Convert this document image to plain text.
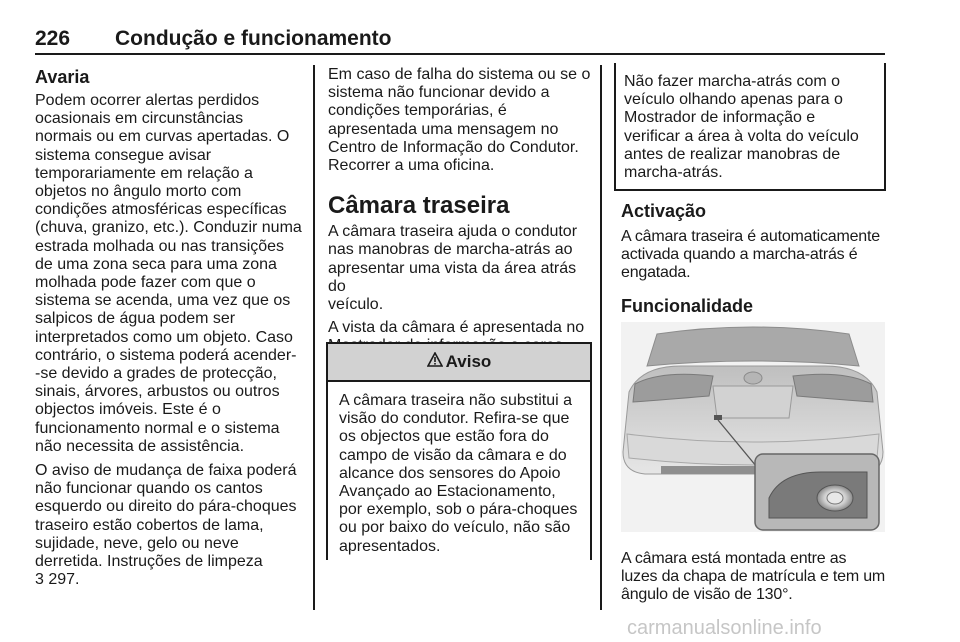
226 Condução e funcionamento
Avaria

Podem ocorrer alertas perdidos
ocasionais em circunstâncias
normais ou em curvas apertadas. O
sistema consegue avisar
temporariamente em relação a
objetos no ângulo morto com
condições atmosféricas específicas
(chuva, granizo, etc.). Conduzir numa
estrada molhada ou nas transições
de uma zona seca para uma zona
molhada pode fazer com que o
sistema se acenda, uma vez que os
salpicos de água podem ser
interpretados como um objeto. Caso
contrário, o sistema poderá acender-
-se devido a grades de protecção,
sinais, árvores, arbustos ou outros
objectos imóveis. Este é o
funcionamento normal e o sistema
não necessita de assistência.

O aviso de mudança de faixa poderá
não funcionar quando os cantos
esquerdo ou direito do pára-choques
traseiro estão cobertos de lama,
sujidade, neve, gelo ou neve
derretida. Instruções de limpeza
3 297.

Em caso de falha do sistema ou se o
sistema não funcionar devido a
condições temporárias, é
apresentada uma mensagem no
Centro de Informação do Condutor.
Recorrer a uma oficina.

Câmara traseira

A câmara traseira ajuda o condutor
nas manobras de marcha-atrás ao
apresentar uma vista da área atrás do
veículo.

A vista da câmara é apresentada no

Aviso
A câmara traseira não substitui a
visão do condutor. Refira-se que
os objectos que estão fora do
campo de visão da câmara e do
alcance dos sensores do Apoio
Avançado ao Estacionamento,
por exemplo, sob o pára-choques
ou por baixo do veículo, não são
apresentados.
Não fazer marcha-atrás com o
veículo olhando apenas para o
Mostrador de informação e
verificar a área à volta do veículo
antes de realizar manobras de
marcha-atrás.
Activação

A câmara traseira é automaticamente
activada quando a marcha-atrás é
engatada.

Funcionalidade

A câmara está montada entre as
luzes da chapa de matrícula e tem um
ângulo de visão de 130°.

carmanualsonline.info
